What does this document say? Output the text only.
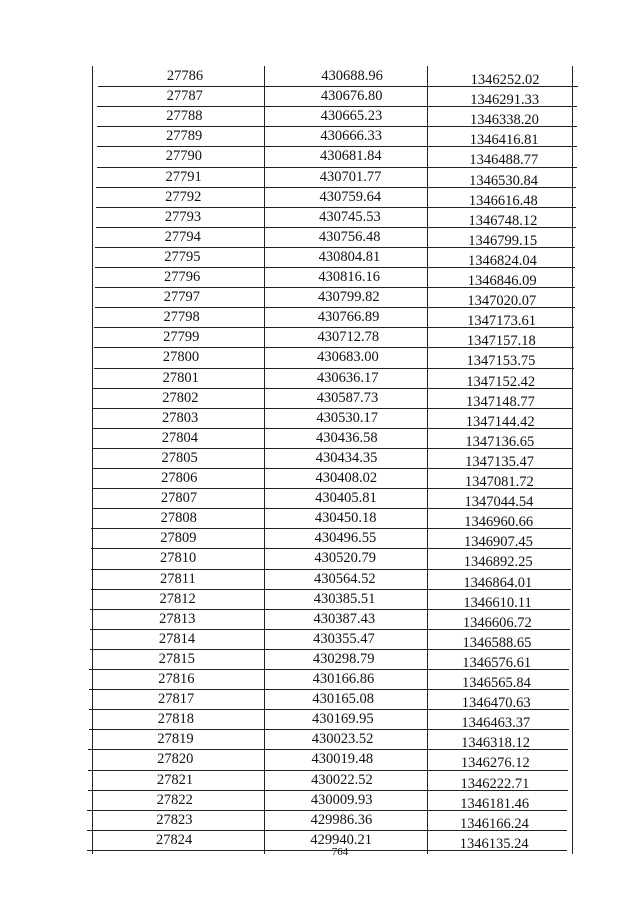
27786	430688.96	1346252.02
27787	430676.80	1346291.33
27788	430665.23	1346338.20
27789	430666.33	1346416.81
27790	430681.84	1346488.77
27791	430701.77	1346530.84
27792	430759.64	1346616.48
27793	430745.53	1346748.12
27794	430756.48	1346799.15
27795	430804.81	1346824.04
27796	430816.16	1346846.09
27797	430799.82	1347020.07
27798	430766.89	1347173.61
27799	430712.78	1347157.18
27800	430683.00	1347153.75
27801	430636.17	1347152.42
27802	430587.73	1347148.77
27803	430530.17	1347144.42
27804	430436.58	1347136.65
27805	430434.35	1347135.47
27806	430408.02	1347081.72
27807	430405.81	1347044.54
27808	430450.18	1346960.66
27809	430496.55	1346907.45
27810	430520.79	1346892.25
27811	430564.52	1346864.01
27812	430385.51	1346610.11
27813	430387.43	1346606.72
27814	430355.47	1346588.65
27815	430298.79	1346576.61
27816	430166.86	1346565.84
27817	430165.08	1346470.63
27818	430169.95	1346463.37
27819	430023.52	1346318.12
27820	430019.48	1346276.12
27821	430022.52	1346222.71
27822	430009.93	1346181.46
27823	429986.36	1346166.24
27824	429940.21	1346135.24
764
